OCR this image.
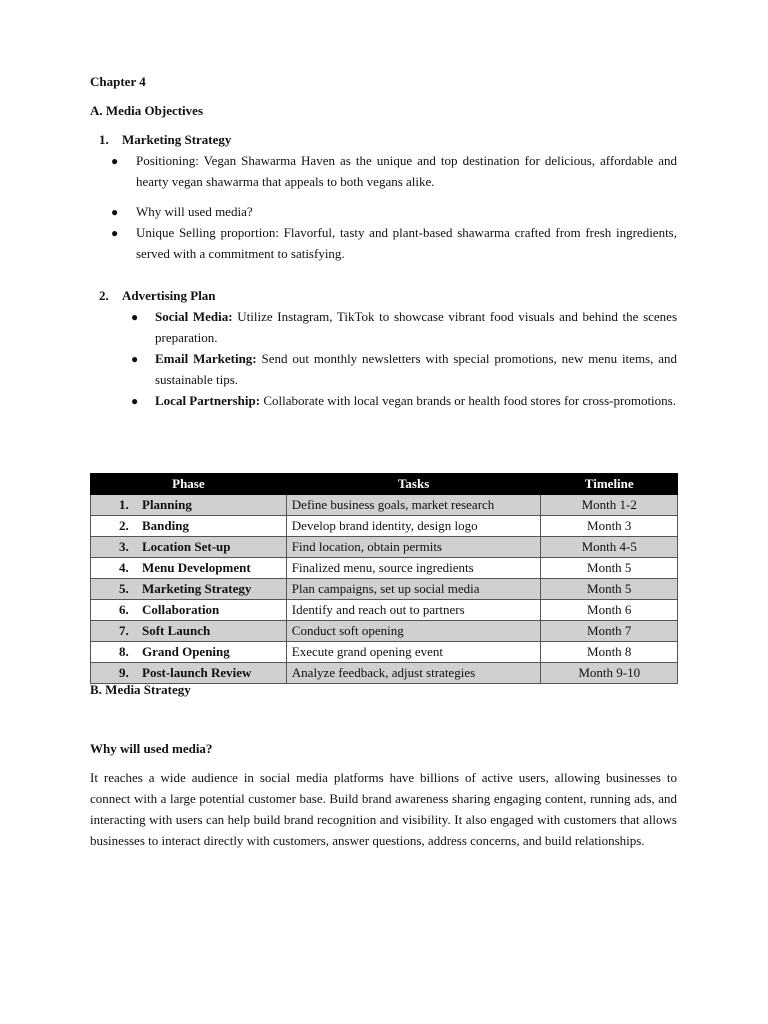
Chapter 4
A. Media Objectives
1. Marketing Strategy
● Positioning: Vegan Shawarma Haven as the unique and top destination for delicious, affordable and hearty vegan shawarma that appeals to both vegans alike.
● Why will used media?
● Unique Selling proportion: Flavorful, tasty and plant-based shawarma crafted from fresh ingredients, served with a commitment to satisfying.
2. Advertising Plan
● Social Media: Utilize Instagram, TikTok to showcase vibrant food visuals and behind the scenes preparation.
● Email Marketing: Send out monthly newsletters with special promotions, new menu items, and sustainable tips.
● Local Partnership: Collaborate with local vegan brands or health food stores for cross-promotions.
Phase	Tasks	Timeline
1. Planning	Define business goals, market research	Month 1-2
2. Banding	Develop brand identity, design logo	Month 3
3. Location Set-up	Find location, obtain permits	Month 4-5
4. Menu Development	Finalized menu, source ingredients	Month 5
5. Marketing Strategy	Plan campaigns, set up social media	Month 5
6. Collaboration	Identify and reach out to partners	Month 6
7. Soft Launch	Conduct soft opening	Month 7
8. Grand Opening	Execute grand opening event	Month 8
9. Post-launch Review	Analyze feedback, adjust strategies	Month 9-10
B. Media Strategy
Why will used media?
It reaches a wide audience in social media platforms have billions of active users, allowing businesses to connect with a large potential customer base. Build brand awareness sharing engaging content, running ads, and interacting with users can help build brand recognition and visibility. It also engaged with customers that allows businesses to interact directly with customers, answer questions, address concerns, and build relationships.
